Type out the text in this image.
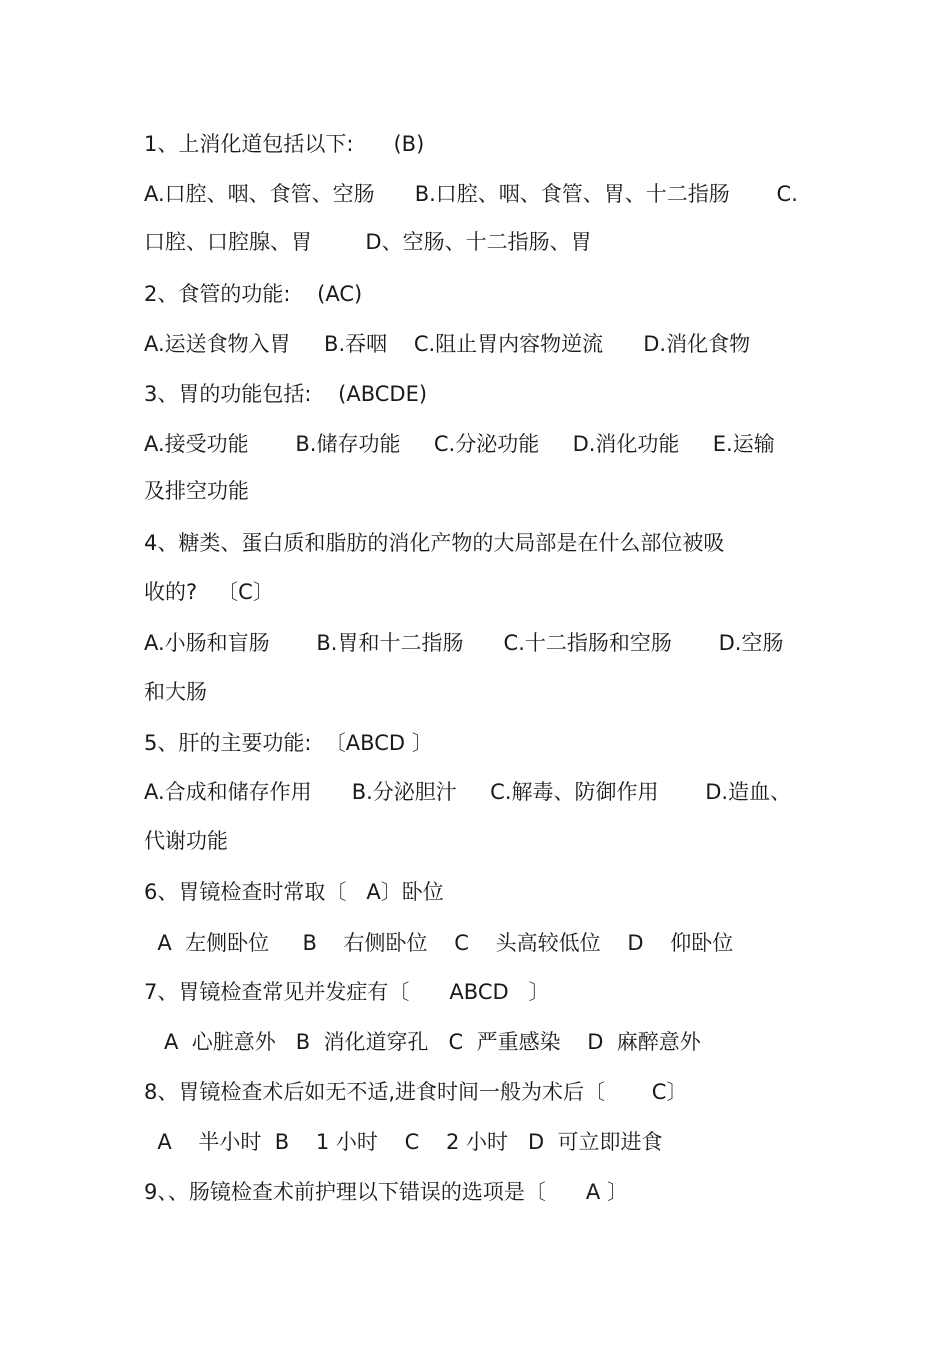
1、上消化道包括以下:      (B)
A.口腔、咽、食管、空肠      B.口腔、咽、食管、胃、十二指肠       C.
口腔、口腔腺、胃        D、空肠、十二指肠、胃
2、食管的功能:    (AC)
A.运送食物入胃     B.吞咽    C.阻止胃内容物逆流      D.消化食物
3、胃的功能包括:    (ABCDE)
A.接受功能       B.储存功能     C.分泌功能     D.消化功能     E.运输
及排空功能
4、糖类、蛋白质和脂肪的消化产物的大局部是在什么部位被吸
收的?   〔C〕
A.小肠和盲肠       B.胃和十二指肠      C.十二指肠和空肠       D.空肠
和大肠
5、肝的主要功能:  〔ABCD 〕
A.合成和储存作用      B.分泌胆汁     C.解毒、防御作用       D.造血、
代谢功能
6、胃镜检查时常取〔   A〕卧位
A  左侧卧位     B    右侧卧位    C    头高较低位    D    仰卧位
7、胃镜检查常见并发症有〔      ABCD   〕
A  心脏意外   B  消化道穿孔   C  严重感染    D  麻醉意外
8、胃镜检查术后如无不适,进食时间一般为术后〔       C〕
A    半小时  B    1 小时    C    2 小时   D  可立即进食
9、、肠镜检查术前护理以下错误的选项是〔      A 〕
